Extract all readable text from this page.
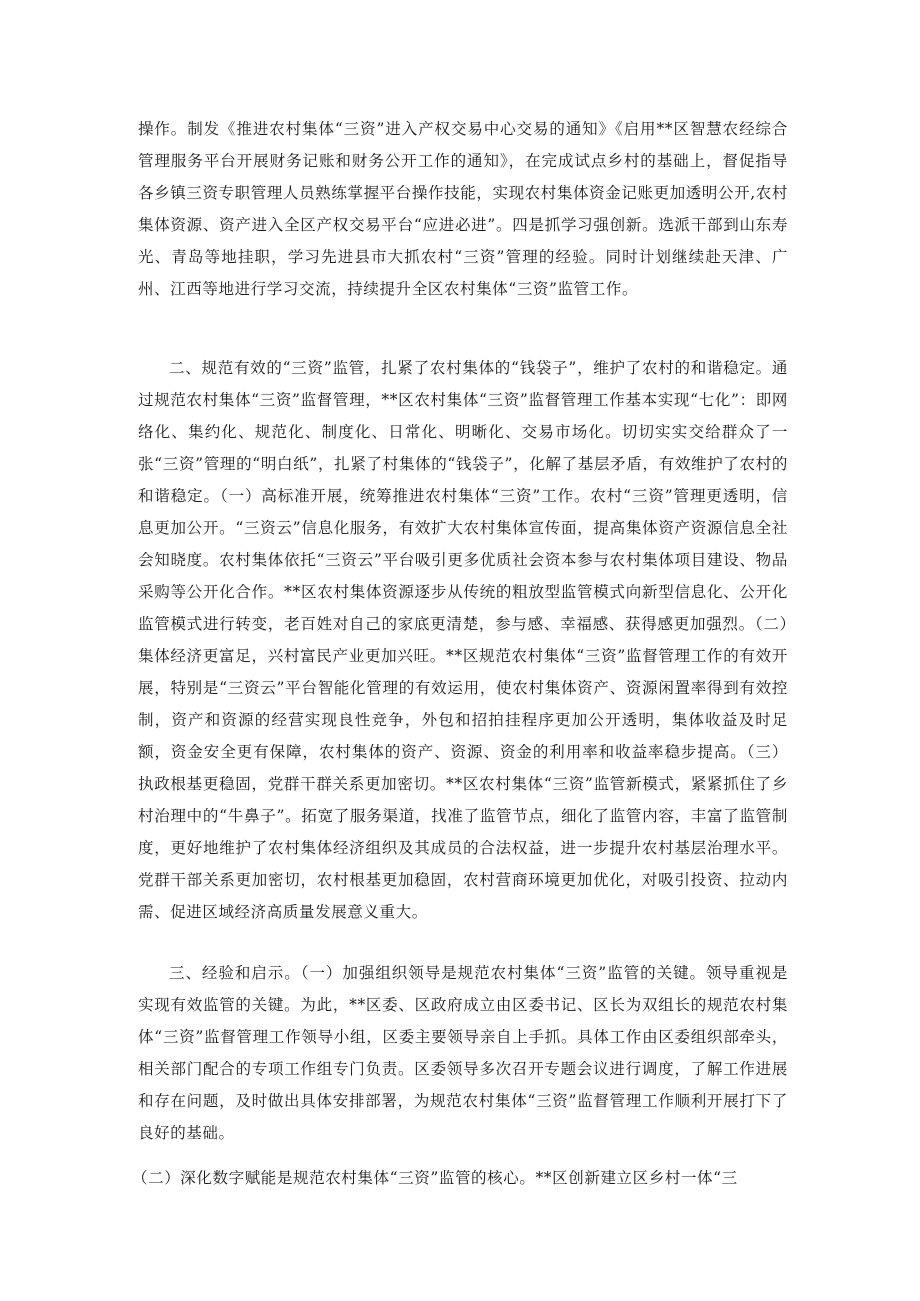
操作。制发《推进农村集体“三资”进入产权交易中心交易的通知》《启用**区智慧农经综合管理服务平台开展财务记账和财务公开工作的通知》，在完成试点乡村的基础上，督促指导各乡镇三资专职管理人员熟练掌握平台操作技能，实现农村集体资金记账更加透明公开,农村集体资源、资产进入全区产权交易平台“应进必进”。四是抓学习强创新。选派干部到山东寿光、青岛等地挂职，学习先进县市大抓农村“三资”管理的经验。同时计划继续赴天津、广州、江西等地进行学习交流，持续提升全区农村集体“三资”监管工作。

二、规范有效的“三资”监管，扎紧了农村集体的“钱袋子”，维护了农村的和谐稳定。通过规范农村集体“三资”监督管理，**区农村集体“三资”监督管理工作基本实现“七化”：即网络化、集约化、规范化、制度化、日常化、明晰化、交易市场化。切切实实交给群众了一张“三资”管理的“明白纸”，扎紧了村集体的“钱袋子”，化解了基层矛盾，有效维护了农村的和谐稳定。（一）高标准开展，统筹推进农村集体“三资”工作。农村“三资”管理更透明，信息更加公开。“三资云”信息化服务，有效扩大农村集体宣传面，提高集体资产资源信息全社会知晓度。农村集体依托“三资云”平台吸引更多优质社会资本参与农村集体项目建设、物品采购等公开化合作。**区农村集体资源逐步从传统的粗放型监管模式向新型信息化、公开化监管模式进行转变，老百姓对自己的家底更清楚，参与感、幸福感、获得感更加强烈。（二）集体经济更富足，兴村富民产业更加兴旺。**区规范农村集体“三资”监督管理工作的有效开展，特别是“三资云”平台智能化管理的有效运用，使农村集体资产、资源闲置率得到有效控制，资产和资源的经营实现良性竞争，外包和招拍挂程序更加公开透明，集体收益及时足额，资金安全更有保障，农村集体的资产、资源、资金的利用率和收益率稳步提高。（三）执政根基更稳固，党群干群关系更加密切。**区农村集体“三资”监管新模式，紧紧抓住了乡村治理中的“牛鼻子”。拓宽了服务渠道，找准了监管节点，细化了监管内容，丰富了监管制度，更好地维护了农村集体经济组织及其成员的合法权益，进一步提升农村基层治理水平。党群干部关系更加密切，农村根基更加稳固，农村营商环境更加优化，对吸引投资、拉动内需、促进区域经济高质量发展意义重大。

三、经验和启示。（一）加强组织领导是规范农村集体“三资”监管的关键。领导重视是实现有效监管的关键。为此，**区委、区政府成立由区委书记、区长为双组长的规范农村集体“三资”监督管理工作领导小组，区委主要领导亲自上手抓。具体工作由区委组织部牵头，相关部门配合的专项工作组专门负责。区委领导多次召开专题会议进行调度，了解工作进展和存在问题，及时做出具体安排部署，为规范农村集体“三资”监督管理工作顺利开展打下了良好的基础。

（二）深化数字赋能是规范农村集体“三资”监管的核心。**区创新建立区乡村一体“三
